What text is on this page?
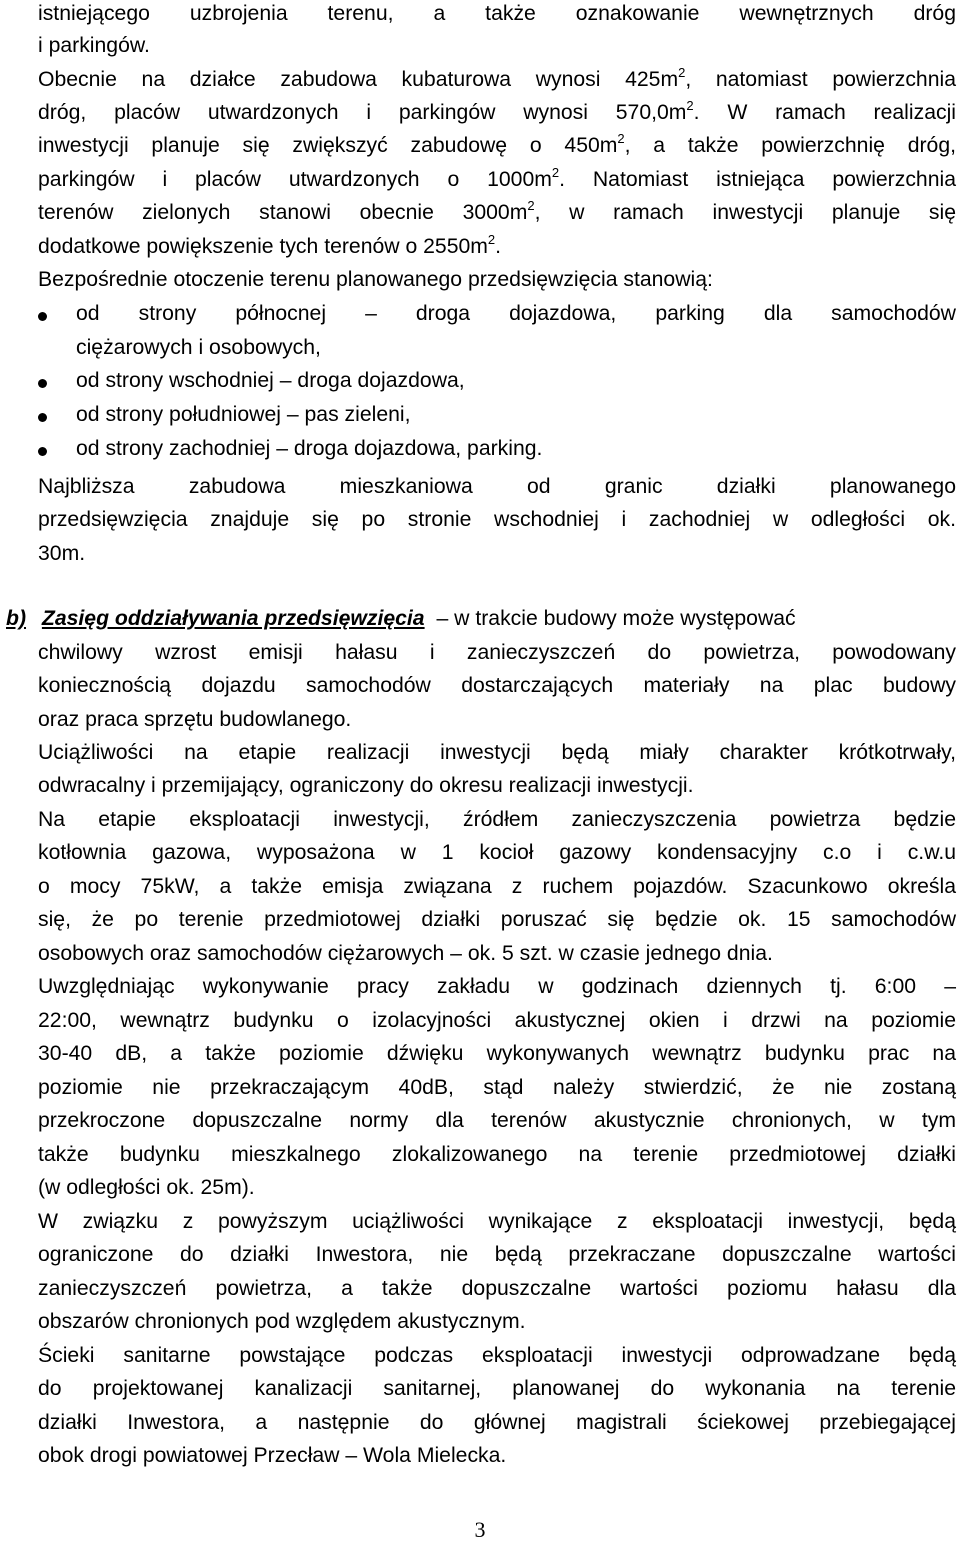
istniejącego uzbrojenia terenu, a także oznakowanie wewnętrznych dróg
i parkingów.
Obecnie na działce zabudowa kubaturowa wynosi $425m^2$, natomiast powierzchnia
dróg, placów utwardzonych i parkingów wynosi $570,0m^2$. W ramach realizacji
inwestycji planuje się zwiększyć zabudowę o $450m^2$, a także powierzchnię dróg,
parkingów i placów utwardzonych o $1000m^2$. Natomiast istniejąca powierzchnia
terenów zielonych stanowi obecnie $3000m^2$, w ramach inwestycji planuje się
dodatkowe powiększenie tych terenów o $2550m^2$.
Bezpośrednie otoczenie terenu planowanego przedsięwzięcia stanowią:
od strony północnej – droga dojazdowa, parking dla samochodów
ciężarowych i osobowych,
od strony wschodniej – droga dojazdowa,
od strony południowej – pas zieleni,
od strony zachodniej – droga dojazdowa, parking.
Najbliższa zabudowa mieszkaniowa od granic działki planowanego
przedsięwzięcia znajduje się po stronie wschodniej i zachodniej w odległości ok.
30m.
b) Zasięg oddziaływania przedsięwzięcia – w trakcie budowy może występować
chwilowy wzrost emisji hałasu i zanieczyszczeń do powietrza, powodowany
koniecznością dojazdu samochodów dostarczających materiały na plac budowy
oraz praca sprzętu budowlanego.
Uciążliwości na etapie realizacji inwestycji będą miały charakter krótkotrwały,
odwracalny i przemijający, ograniczony do okresu realizacji inwestycji.
Na etapie eksploatacji inwestycji, źródłem zanieczyszczenia powietrza będzie
kotłownia gazowa, wyposażona w 1 kocioł gazowy kondensacyjny c.o i c.w.u
o mocy 75kW, a także emisja związana z ruchem pojazdów. Szacunkowo określa
się, że po terenie przedmiotowej działki poruszać się będzie ok. 15 samochodów
osobowych oraz samochodów ciężarowych – ok. 5 szt. w czasie jednego dnia.
Uwzględniając wykonywanie pracy zakładu w godzinach dziennych tj. 6:00 –
22:00, wewnątrz budynku o izolacyjności akustycznej okien i drzwi na poziomie
30-40 dB, a także poziomie dźwięku wykonywanych wewnątrz budynku prac na
poziomie nie przekraczającym 40dB, stąd należy stwierdzić, że nie zostaną
przekroczone dopuszczalne normy dla terenów akustycznie chronionych, w tym
także budynku mieszkalnego zlokalizowanego na terenie przedmiotowej działki
(w odległości ok. 25m).
W związku z powyższym uciążliwości wynikające z eksploatacji inwestycji, będą
ograniczone do działki Inwestora, nie będą przekraczane dopuszczalne wartości
zanieczyszczeń powietrza, a także dopuszczalne wartości poziomu hałasu dla
obszarów chronionych pod względem akustycznym.
Ścieki sanitarne powstające podczas eksploatacji inwestycji odprowadzane będą
do projektowanej kanalizacji sanitarnej, planowanej do wykonania na terenie
działki Inwestora, a następnie do głównej magistrali ściekowej przebiegającej
obok drogi powiatowej Przecław – Wola Mielecka.
3
